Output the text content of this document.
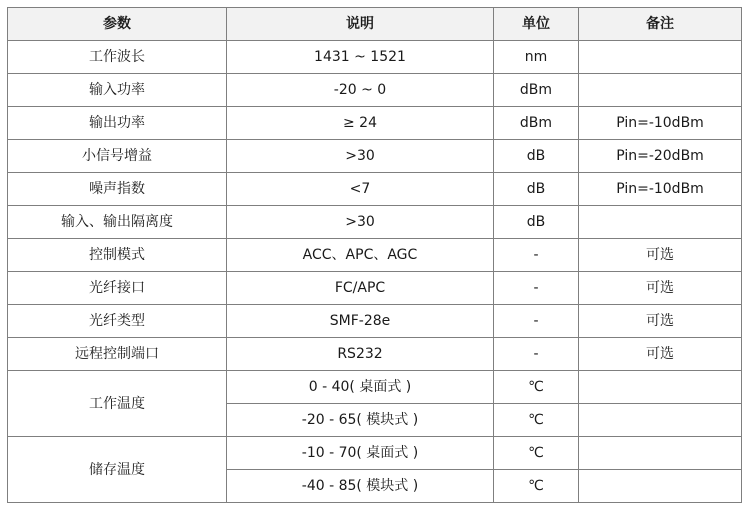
参数	说明	单位	备注
工作波长	1431 ~ 1521	nm	
输入功率	-20 ~ 0	dBm	
输出功率	≥ 24	dBm	Pin=-10dBm
小信号增益	>30	dB	Pin=-20dBm
噪声指数	<7	dB	Pin=-10dBm
输入、输出隔离度	>30	dB	
控制模式	ACC、APC、AGC	-	可选
光纤接口	FC/APC	-	可选
光纤类型	SMF-28e	-	可选
远程控制端口	RS232	-	可选
工作温度	0 - 40( 桌面式 )	℃	
	-20 - 65( 模块式 )	℃	
储存温度	-10 - 70( 桌面式 )	℃	
	-40 - 85( 模块式 )	℃	
